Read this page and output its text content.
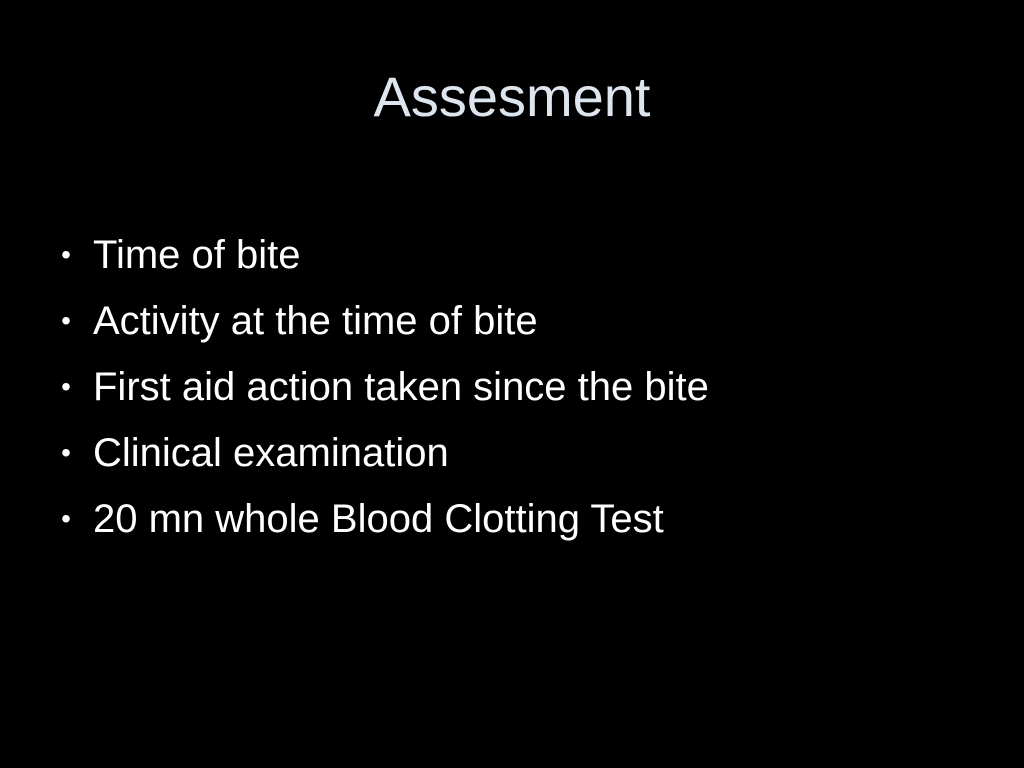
Assesment
• Time of bite
• Activity at the time of bite
• First aid action taken since the bite
• Clinical examination
• 20 mn whole Blood Clotting Test
